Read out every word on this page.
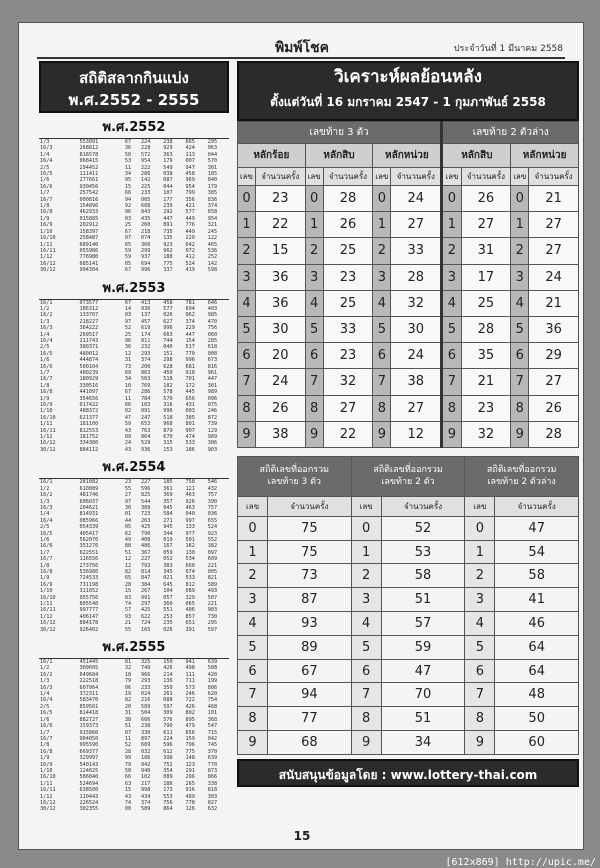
พิมพ์โชค	ประจำวันที่ 1 มีนาคม 2558
สถิติสลากกินแบ่ง
พ.ศ.2552 - 2555
พ.ศ.2552
1/3	553091	67	224	238	665	295
16/3	268812	36	228	929	424	063
1/4	816578	50	572	363	113	044
16/4	068415	53	954	179	007	570
2/5	294452	11	222	549	947	301
16/5	111411	34	286	038	458	185
1/6	277661	95	142	087	969	840
16/6	930456	15	225	044	954	179
1/7	257542	66	233	107	799	385
16/7	000816	94	005	177	356	836
1/8	154896	92	688	239	421	374
16/8	462933	96	843	292	577	658
1/9	015885	03	435	447	449	954
16/9	202912	25	260	891	776	321
1/10	158397	67	218	735	449	245
16/10	258487	07	074	135	220	122
1/11	689140	65	366	923	642	465
16/11	055986	59	299	962	072	536
1/12	776980	59	937	188	412	252
16/12	685141	05	694	775	524	142
30/12	994304	67	996	337	419	598
พ.ศ.2553
16/1	073577	67	413	458	781	646
1/2	186312	14	936	577	694	403
16/2	133707	03	137	026	962	985
1/3	218227	97	457	627	374	470
16/3	364222	52	619	996	229	756
1/4	269517	25	174	663	447	060
16/4	211743	96	811	744	154	285
2/5	380371	36	232	040	517	618
16/5	480012	12	293	151	770	008
1/6	444874	31	374	298	996	673
16/6	500104	73	200	628	681	816
1/7	480239	69	863	450	918	961
16/7	180929	34	563	518	701	447
1/8	330516	10	769	182	172	301
16/8	441097	67	286	578	445	989
1/9	354656	11	784	570	656	096
16/9	017422	66	103	316	431	075
1/10	488372	02	091	996	003	246
16/10	621377	47	247	518	385	872
1/11	181100	59	653	968	801	739
16/11	812553	43	763	879	907	129
1/12	181752	09	864	670	474	989
16/12	334380	24	529	315	533	306
30/12	884112	43	936	153	186	903
พ.ศ.2554
16/1	281082	23	227	185	758	546
1/2	610089	55	596	361	121	432
16/2	481746	27	825	369	463	757
1/3	606037	97	544	357	926	390
16/3	204621	30	389	945	463	757
1/4	814931	01	723	584	040	036
16/4	085966	44	263	271	997	655
2/5	054339	05	425	945	133	524
16/5	405417	62	790	344	977	923
1/6	562070	49	408	019	501	552
16/6	351276	88	486	167	162	382
1/7	622551	51	367	059	130	097
16/7	116556	12	227	052	534	609
1/8	273756	12	793	383	660	221
16/8	536980	82	814	345	074	005
1/9	724533	65	847	021	533	821
16/9	731198	28	384	645	812	589
1/10	311052	15	267	104	089	493
16/10	955756	83	991	057	329	507
1/11	805540	74	297	360	065	221
16/11	997777	57	425	551	406	903
1/12	406147	93	622	253	857	730
16/12	884178	21	724	235	651	295
30/12	926402	55	165	026	391	597
พ.ศ.2555
16/1	451445	81	325	150	941	639
1/2	309605	32	749	426	498	508
16/2	649684	18	966	214	111	420
1/3	222518	79	293	136	711	199
16/3	607064	06	233	350	573	806
1/4	372311	19	024	261	246	620
16/4	583470	82	216	088	722	754
2/5	859501	20	589	597	426	468
16/5	814418	31	504	309	802	101
1/6	882727	38	606	576	895	368
16/6	159373	51	238	790	479	547
1/7	915860	07	330	611	656	715
16/7	904050	11	897	224	159	042
1/8	995590	52	609	596	796	745
16/8	669377	28	032	612	775	370
1/9	329997	99	186	398	148	639
16/9	540143	79	942	752	123	770
1/10	124025	58	940	354	291	873
16/10	586040	66	102	089	296	866
1/11	524694	63	217	186	265	338
16/11	638500	15	998	173	916	818
1/12	110443	43	434	553	489	303
16/12	226524	74	374	756	778	027
30/12	302355	00	589	864	126	632
วิเคราะห์ผลย้อนหลัง
ตั้งแต่วันที่ 16 มกราคม 2547 - 1 กุมภาพันธ์ 2558
เลขท้าย 3 ตัว						เลขท้าย 2 ตัวล่าง			
หลักร้อย		หลักสิบ		หลักหน่วย		หลักสิบ		หลักหน่วย	
เลข	จำนวนครั้ง	เลข	จำนวนครั้ง	เลข	จำนวนครั้ง	เลข	จำนวนครั้ง	เลข	จำนวนครั้ง
0	23	0	28	0	24	0	26	0	21
1	22	1	26	1	27	1	27	1	27
2	15	2	25	2	33	2	31	2	27
3	36	3	23	3	28	3	17	3	24
4	36	4	25	4	32	4	25	4	21
5	30	5	33	5	30	5	28	5	36
6	20	6	23	6	24	6	35	6	29
7	24	7	32	7	38	7	21	7	27
8	26	8	27	8	27	8	23	8	26
9	38	9	22	9	12	9	32	9	28
สถิติเลขที่ออกรวม
เลขท้าย 3 ตัว		สถิติเลขที่ออกรวม
เลขท้าย 2 ตัว		สถิติเลขที่ออกรวม
เลขท้าย 2 ตัวล่าง	
เลข	จำนวนครั้ง	เลข	จำนวนครั้ง	เลข	จำนวนครั้ง
0	75	0	52	0	47
1	75	1	53	1	54
2	73	2	58	2	58
3	87	3	51	3	41
4	93	4	57	4	46
5	89	5	59	5	64
6	67	6	47	6	64
7	94	7	70	7	48
8	77	8	51	8	50
9	68	9	34	9	60
สนับสนุนข้อมูลโดย : www.lottery-thai.com
15
[612x869] http://upic.me/
